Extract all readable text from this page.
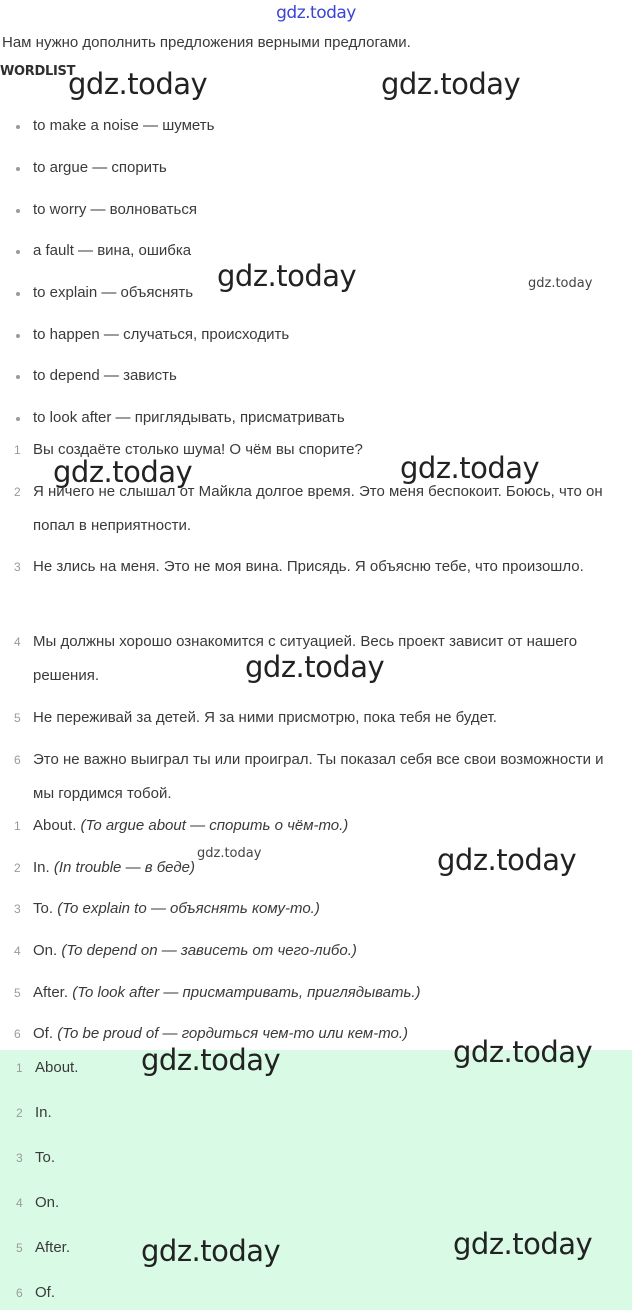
gdz.today
Нам нужно дополнить предложения верными предлогами.
WORDLIST
to make a noise — шуметь
to argue — спорить
to worry — волноваться
a fault — вина, ошибка
to explain — объяснять
to happen — случаться, происходить
to depend — зависть
to look after — приглядывать, присматривать
1 Вы создаёте столько шума! О чём вы спорите?
2 Я ничего не слышал от Майкла долгое время. Это меня беспокоит. Боюсь, что он попал в неприятности.
3 Не злись на меня. Это не моя вина. Присядь. Я объясню тебе, что произошло.
4 Мы должны хорошо ознакомится с ситуацией. Весь проект зависит от нашего решения.
5 Не переживай за детей. Я за ними присмотрю, пока тебя не будет.
6 Это не важно выиграл ты или проиграл. Ты показал себя все свои возможности и мы гордимся тобой.
1 About. (To argue about — спорить о чём-то.)
2 In. (In trouble — в беде)
3 To. (To explain to — объяснять кому-то.)
4 On. (To depend on — зависеть от чего-либо.)
5 After. (To look after — присматривать, приглядывать.)
6 Of. (To be proud of — гордиться чем-то или кем-то.)
1 About.
2 In.
3 To.
4 On.
5 After.
6 Of.
gdz.today	gdz.today
gdz.today	gdz.today
gdz.today	gdz.today
gdz.today
gdz.today	gdz.today
gdz.today	gdz.today
gdz.today	gdz.today
